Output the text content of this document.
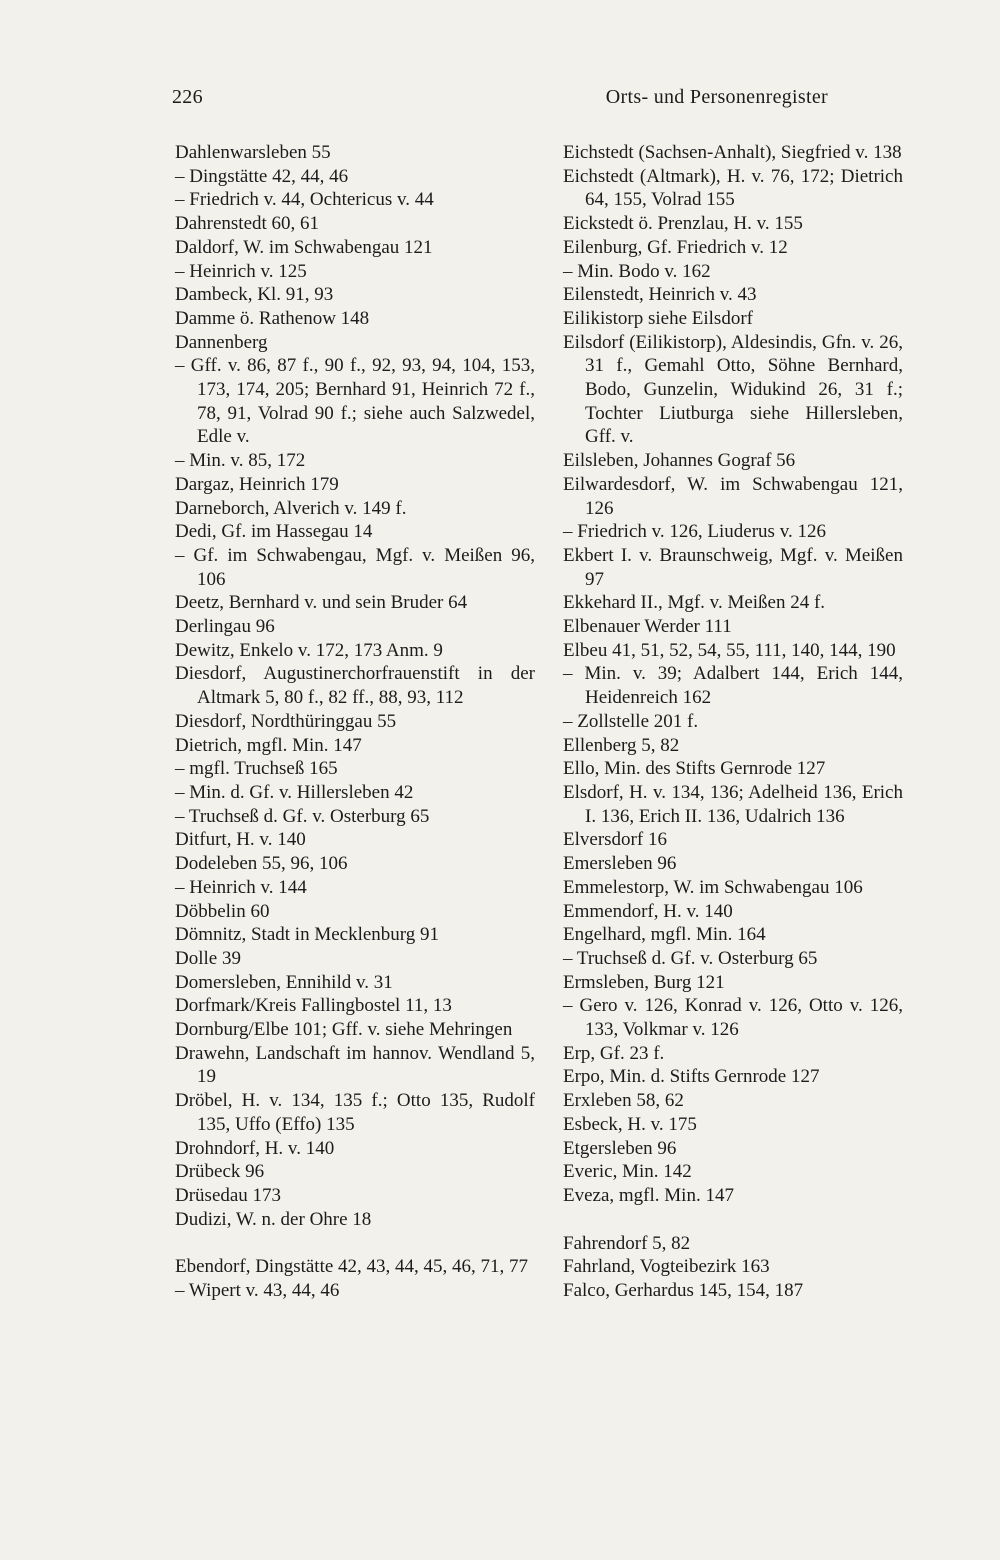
226	Orts- und Personenregister
Dahlenwarsleben 55
– Dingstätte 42, 44, 46
– Friedrich v. 44, Ochtericus v. 44
Dahrenstedt 60, 61
Daldorf, W. im Schwabengau 121
– Heinrich v. 125
Dambeck, Kl. 91, 93
Damme ö. Rathenow 148
Dannenberg
– Gff. v. 86, 87 f., 90 f., 92, 93, 94, 104, 153, 173, 174, 205; Bernhard 91, Heinrich 72 f., 78, 91, Volrad 90 f.; siehe auch Salzwedel, Edle v.
– Min. v. 85, 172
Dargaz, Heinrich 179
Darneborch, Alverich v. 149 f.
Dedi, Gf. im Hassegau 14
– Gf. im Schwabengau, Mgf. v. Meißen 96, 106
Deetz, Bernhard v. und sein Bruder 64
Derlingau 96
Dewitz, Enkelo v. 172, 173 Anm. 9
Diesdorf, Augustinerchorfrauenstift in der Altmark 5, 80 f., 82 ff., 88, 93, 112
Diesdorf, Nordthüringgau 55
Dietrich, mgfl. Min. 147
– mgfl. Truchseß 165
– Min. d. Gf. v. Hillersleben 42
– Truchseß d. Gf. v. Osterburg 65
Ditfurt, H. v. 140
Dodeleben 55, 96, 106
– Heinrich v. 144
Döbbelin 60
Dömnitz, Stadt in Mecklenburg 91
Dolle 39
Domersleben, Ennihild v. 31
Dorfmark/Kreis Fallingbostel 11, 13
Dornburg/Elbe 101; Gff. v. siehe Mehringen
Drawehn, Landschaft im hannov. Wendland 5, 19
Dröbel, H. v. 134, 135 f.; Otto 135, Rudolf 135, Uffo (Effo) 135
Drohndorf, H. v. 140
Drübeck 96
Drüsedau 173
Dudizi, W. n. der Ohre 18
Ebendorf, Dingstätte 42, 43, 44, 45, 46, 71, 77
– Wipert v. 43, 44, 46
Eichstedt (Sachsen-Anhalt), Siegfried v. 138
Eichstedt (Altmark), H. v. 76, 172; Dietrich 64, 155, Volrad 155
Eickstedt ö. Prenzlau, H. v. 155
Eilenburg, Gf. Friedrich v. 12
– Min. Bodo v. 162
Eilenstedt, Heinrich v. 43
Eilikistorp siehe Eilsdorf
Eilsdorf (Eilikistorp), Aldesindis, Gfn. v. 26, 31 f., Gemahl Otto, Söhne Bernhard, Bodo, Gunzelin, Widukind 26, 31 f.; Tochter Liutburga siehe Hillersleben, Gff. v.
Eilsleben, Johannes Gograf 56
Eilwardesdorf, W. im Schwabengau 121, 126
– Friedrich v. 126, Liuderus v. 126
Ekbert I. v. Braunschweig, Mgf. v. Meißen 97
Ekkehard II., Mgf. v. Meißen 24 f.
Elbenauer Werder 111
Elbeu 41, 51, 52, 54, 55, 111, 140, 144, 190
– Min. v. 39; Adalbert 144, Erich 144, Heidenreich 162
– Zollstelle 201 f.
Ellenberg 5, 82
Ello, Min. des Stifts Gernrode 127
Elsdorf, H. v. 134, 136; Adelheid 136, Erich I. 136, Erich II. 136, Udalrich 136
Elversdorf 16
Emersleben 96
Emmelestorp, W. im Schwabengau 106
Emmendorf, H. v. 140
Engelhard, mgfl. Min. 164
– Truchseß d. Gf. v. Osterburg 65
Ermsleben, Burg 121
– Gero v. 126, Konrad v. 126, Otto v. 126, 133, Volkmar v. 126
Erp, Gf. 23 f.
Erpo, Min. d. Stifts Gernrode 127
Erxleben 58, 62
Esbeck, H. v. 175
Etgersleben 96
Everic, Min. 142
Eveza, mgfl. Min. 147
Fahrendorf 5, 82
Fahrland, Vogteibezirk 163
Falco, Gerhardus 145, 154, 187
